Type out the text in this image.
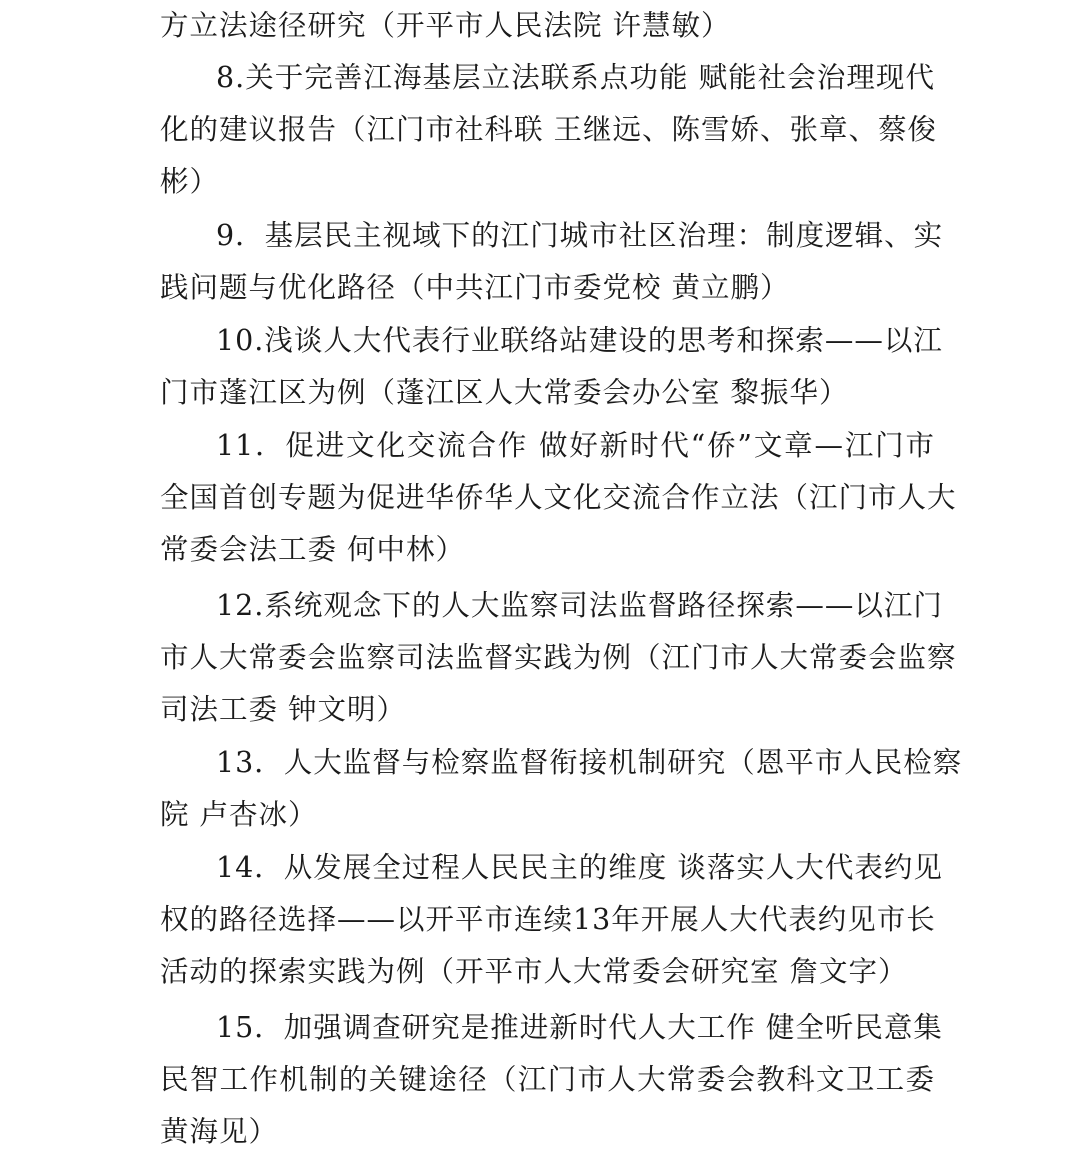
方立法途径研究（开平市人民法院 许慧敏）
8.关于完善江海基层立法联系点功能 赋能社会治理现代
化的建议报告（江门市社科联 王继远、陈雪娇、张章、蔡俊
彬）
9．基层民主视域下的江门城市社区治理：制度逻辑、实
践问题与优化路径（中共江门市委党校 黄立鹏）
10.浅谈人大代表行业联络站建设的思考和探索——以江
门市蓬江区为例（蓬江区人大常委会办公室 黎振华）
11．促进文化交流合作 做好新时代“侨”文章—江门市
全国首创专题为促进华侨华人文化交流合作立法（江门市人大
常委会法工委 何中林）
12.系统观念下的人大监察司法监督路径探索——以江门
市人大常委会监察司法监督实践为例（江门市人大常委会监察
司法工委 钟文明）
13．人大监督与检察监督衔接机制研究（恩平市人民检察
院 卢杏冰）
14．从发展全过程人民民主的维度 谈落实人大代表约见
权的路径选择——以开平市连续13年开展人大代表约见市长
活动的探索实践为例（开平市人大常委会研究室 詹文字）
15．加强调查研究是推进新时代人大工作 健全听民意集
民智工作机制的关键途径（江门市人大常委会教科文卫工委
黄海见）
